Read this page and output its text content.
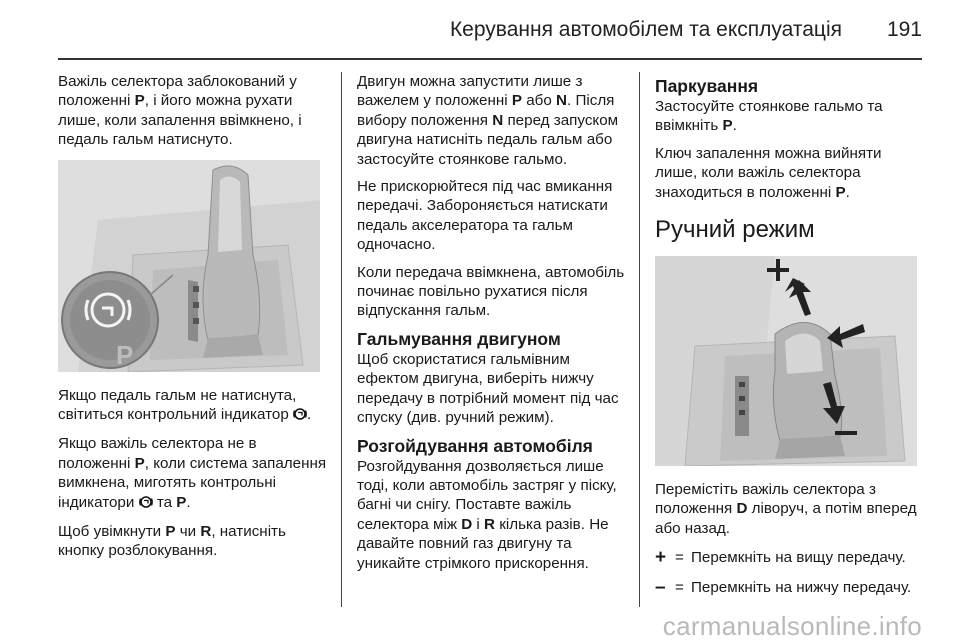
Керування автомобілем та експлуатація 191

Важіль селектора заблокований у положенні P, і його можна рухати лише, коли запалення ввімкнено, і педаль гальм натиснуто.

P

Якщо педаль гальм не натиснута, світиться контрольний індикатор .

Якщо важіль селектора не в положенні P, коли система запалення вимкнена, миготять контрольні індикатори  та P.

Щоб увімкнути P чи R, натисніть кнопку розблокування.

Двигун можна запустити лише з важелем у положенні P або N. Після вибору положення N перед запуском двигуна натисніть педаль гальм або застосуйте стоянкове гальмо.

Не прискорюйтеся під час вмикання передачі. Забороняється натискати педаль акселератора та гальм одночасно.

Коли передача ввімкнена, автомобіль починає повільно рухатися після відпускання гальм.

Гальмування двигуном

Щоб скористатися гальмівним ефектом двигуна, виберіть нижчу передачу в потрібний момент під час спуску (див. ручний режим).

Розгойдування автомобіля

Розгойдування дозволяється лише тоді, коли автомобіль застряг у піску, багні чи снігу. Поставте важіль селектора між D і R кілька разів. Не давайте повний газ двигуну та уникайте стрімкого прискорення.

Паркування

Застосуйте стоянкове гальмо та ввімкніть P.

Ключ запалення можна вийняти лише, коли важіль селектора знаходиться в положенні P.

Ручний режим

Перемістіть важіль селектора з положення D ліворуч, а потім вперед або назад.

+ = Перемкніть на вищу передачу.
– = Перемкніть на нижчу передачу.
carmanualsonline.info
